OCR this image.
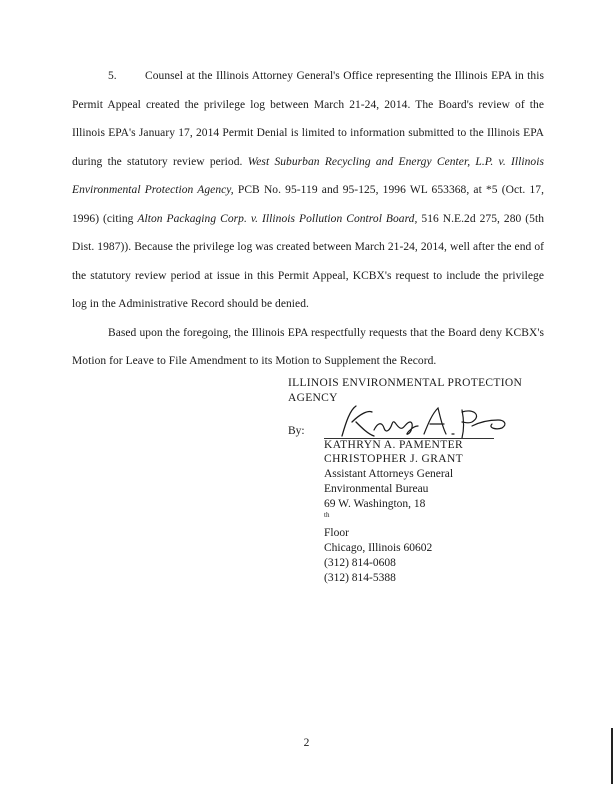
5. Counsel at the Illinois Attorney General's Office representing the Illinois EPA in this Permit Appeal created the privilege log between March 21-24, 2014. The Board's review of the Illinois EPA's January 17, 2014 Permit Denial is limited to information submitted to the Illinois EPA during the statutory review period. West Suburban Recycling and Energy Center, L.P. v. Illinois Environmental Protection Agency, PCB No. 95-119 and 95-125, 1996 WL 653368, at *5 (Oct. 17, 1996) (citing Alton Packaging Corp. v. Illinois Pollution Control Board, 516 N.E.2d 275, 280 (5th Dist. 1987)). Because the privilege log was created between March 21-24, 2014, well after the end of the statutory review period at issue in this Permit Appeal, KCBX's request to include the privilege log in the Administrative Record should be denied.

Based upon the foregoing, the Illinois EPA respectfully requests that the Board deny KCBX's Motion for Leave to File Amendment to its Motion to Supplement the Record.

ILLINOIS ENVIRONMENTAL PROTECTION
AGENCY
By:
KATHRYN A. PAMENTER
CHRISTOPHER J. GRANT
Assistant Attorneys General
Environmental Bureau
69 W. Washington, 18
$^{th}$
Floor
Chicago, Illinois 60602
(312) 814-0608
(312) 814-5388
2
